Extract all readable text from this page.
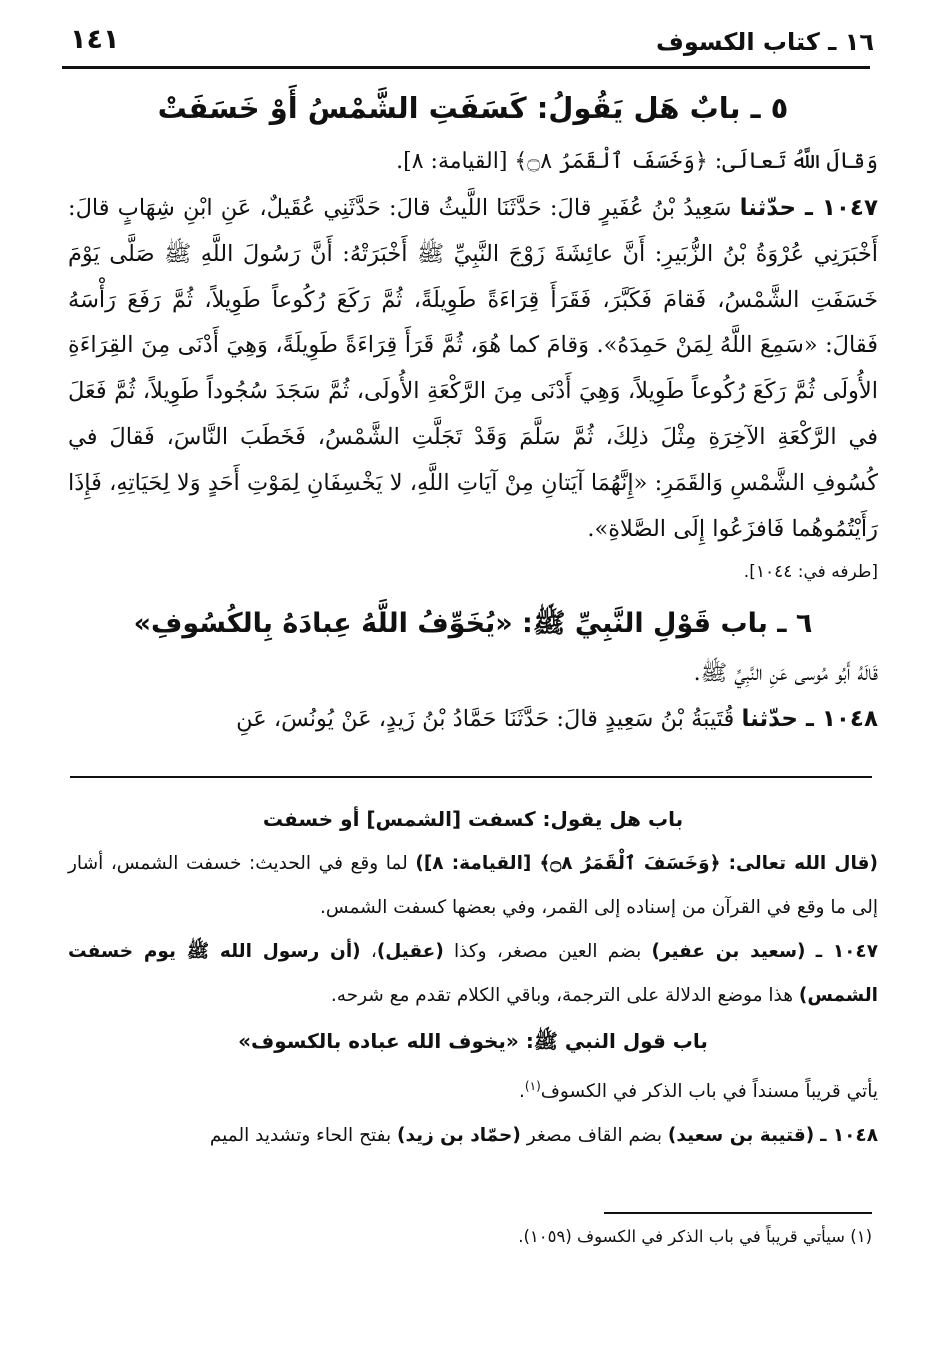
١٦ ـ كتاب الكسوف
١٤١
٥ ـ بابٌ هَل يَقُولُ: كَسَفَتِ الشَّمْسُ أَوْ خَسَفَتْ

وَقالَ اللَّهُ تَعالَى: ﴿وَخَسَفَ ٱلْقَمَرُ ۝٨﴾ [القيامة: ٨].

١٠٤٧ ـ حدّثنا سَعِيدُ بْنُ عُفَيرٍ قالَ: حَدَّثَنَا اللَّيثُ قالَ: حَدَّثَنِي عُقَيلٌ، عَنِ ابْنِ شِهَابٍ قالَ: أَخْبَرَنِي عُرْوَةُ بْنُ الزُّبَيرِ: أَنَّ عائِشَةَ زَوْجَ النَّبِيِّ ﷺ أَخْبَرَتْهُ: أَنَّ رَسُولَ اللَّهِ ﷺ صَلَّى يَوْمَ خَسَفَتِ الشَّمْسُ، فَقامَ فَكَبَّرَ، فَقَرَأَ قِرَاءَةً طَوِيلَةً، ثُمَّ رَكَعَ رُكُوعاً طَوِيلاً، ثُمَّ رَفَعَ رَأْسَهُ فَقالَ: «سَمِعَ اللَّهُ لِمَنْ حَمِدَهُ». وَقامَ كما هُوَ، ثُمَّ قَرَأَ قِرَاءَةً طَوِيلَةً، وَهِيَ أَدْنَى مِنَ القِرَاءَةِ الأُولَى ثُمَّ رَكَعَ رُكُوعاً طَوِيلاً، وَهِيَ أَدْنَى مِنَ الرَّكْعَةِ الأُولَى، ثُمَّ سَجَدَ سُجُوداً طَوِيلاً، ثُمَّ فَعَلَ في الرَّكْعَةِ الآخِرَةِ مِثْلَ ذلِكَ، ثُمَّ سَلَّمَ وَقَدْ تَجَلَّتِ الشَّمْسُ، فَخَطَبَ النَّاسَ، فَقالَ في كُسُوفِ الشَّمْسِ وَالقَمَرِ: «إِنَّهُمَا آيَتانِ مِنْ آيَاتِ اللَّهِ، لا يَخْسِفَانِ لِمَوْتِ أَحَدٍ وَلا لِحَيَاتِهِ، فَإِذَا رَأَيْتُمُوهُما فَافزَعُوا إِلَى الصَّلاةِ».

[طرفه في: ١٠٤٤].

٦ ـ باب قَوْلِ النَّبِيِّ ﷺ: «يُخَوِّفُ اللَّهُ عِبادَهُ بِالكُسُوفِ»

قَالَهُ أَبُو مُوسى عَنِ النَّبِيِّ ﷺ.

١٠٤٨ ـ حدّثنا قُتَيبَةُ بْنُ سَعِيدٍ قالَ: حَدَّثَنَا حَمَّادُ بْنُ زَيدٍ، عَنْ يُونُسَ، عَنِ

باب هل يقول: كسفت [الشمس] أو خسفت

(قال الله تعالى: ﴿وَخَسَفَ ٱلْقَمَرُ ۝٨﴾ [القيامة: ٨]) لما وقع في الحديث: خسفت الشمس، أشار إلى ما وقع في القرآن من إسناده إلى القمر، وفي بعضها كسفت الشمس.

١٠٤٧ ـ (سعيد بن عفير) بضم العين مصغر، وكذا (عقيل)، (أن رسول الله ﷺ يوم خسفت الشمس) هذا موضع الدلالة على الترجمة، وباقي الكلام تقدم مع شرحه.

باب قول النبي ﷺ: «يخوف الله عباده بالكسوف»

يأتي قريباً مسنداً في باب الذكر في الكسوف$^{(١)}$.

١٠٤٨ ـ (قتيبة بن سعيد) بضم القاف مصغر (حمّاد بن زيد) بفتح الحاء وتشديد الميم

(١) سيأتي قريباً في باب الذكر في الكسوف (١٠٥٩).
